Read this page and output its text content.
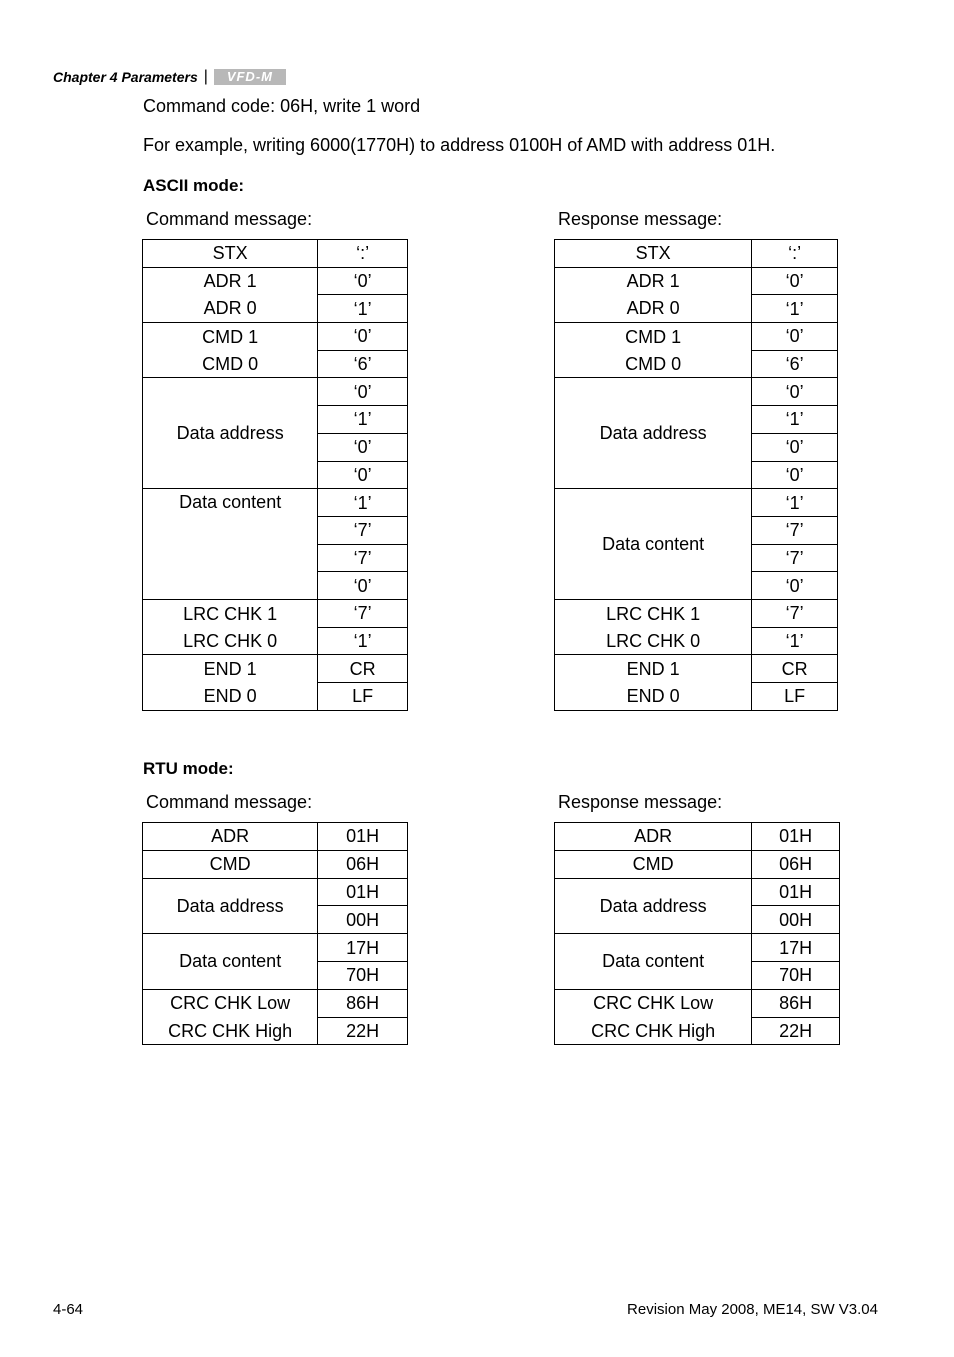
Chapter 4 Parameters |	VFD-M
Command code: 06H, write 1 word
For example, writing 6000(1770H) to address 0100H of AMD with address 01H.
ASCII mode:
Command message:	Response message:
STX	‘:’
ADR 1	‘0’
ADR 0	‘1’
CMD 1	‘0’
CMD 0	‘6’
Data address	‘0’
	‘1’
	‘0’
	‘0’
Data content	‘1’
	‘7’
	‘7’
	‘0’
LRC CHK 1	‘7’
LRC CHK 0	‘1’
END 1	CR
END 0	LF
STX	‘:’
ADR 1	‘0’
ADR 0	‘1’
CMD 1	‘0’
CMD 0	‘6’
Data address	‘0’
	‘1’
	‘0’
	‘0’
Data content	‘1’
	‘7’
	‘7’
	‘0’
LRC CHK 1	‘7’
LRC CHK 0	‘1’
END 1	CR
END 0	LF
RTU mode:
Command message:	Response message:
ADR	01H
CMD	06H
Data address	01H
	00H
Data content	17H
	70H
CRC CHK Low	86H
CRC CHK High	22H
ADR	01H
CMD	06H
Data address	01H
	00H
Data content	17H
	70H
CRC CHK Low	86H
CRC CHK High	22H
4-64	Revision May 2008, ME14, SW V3.04
